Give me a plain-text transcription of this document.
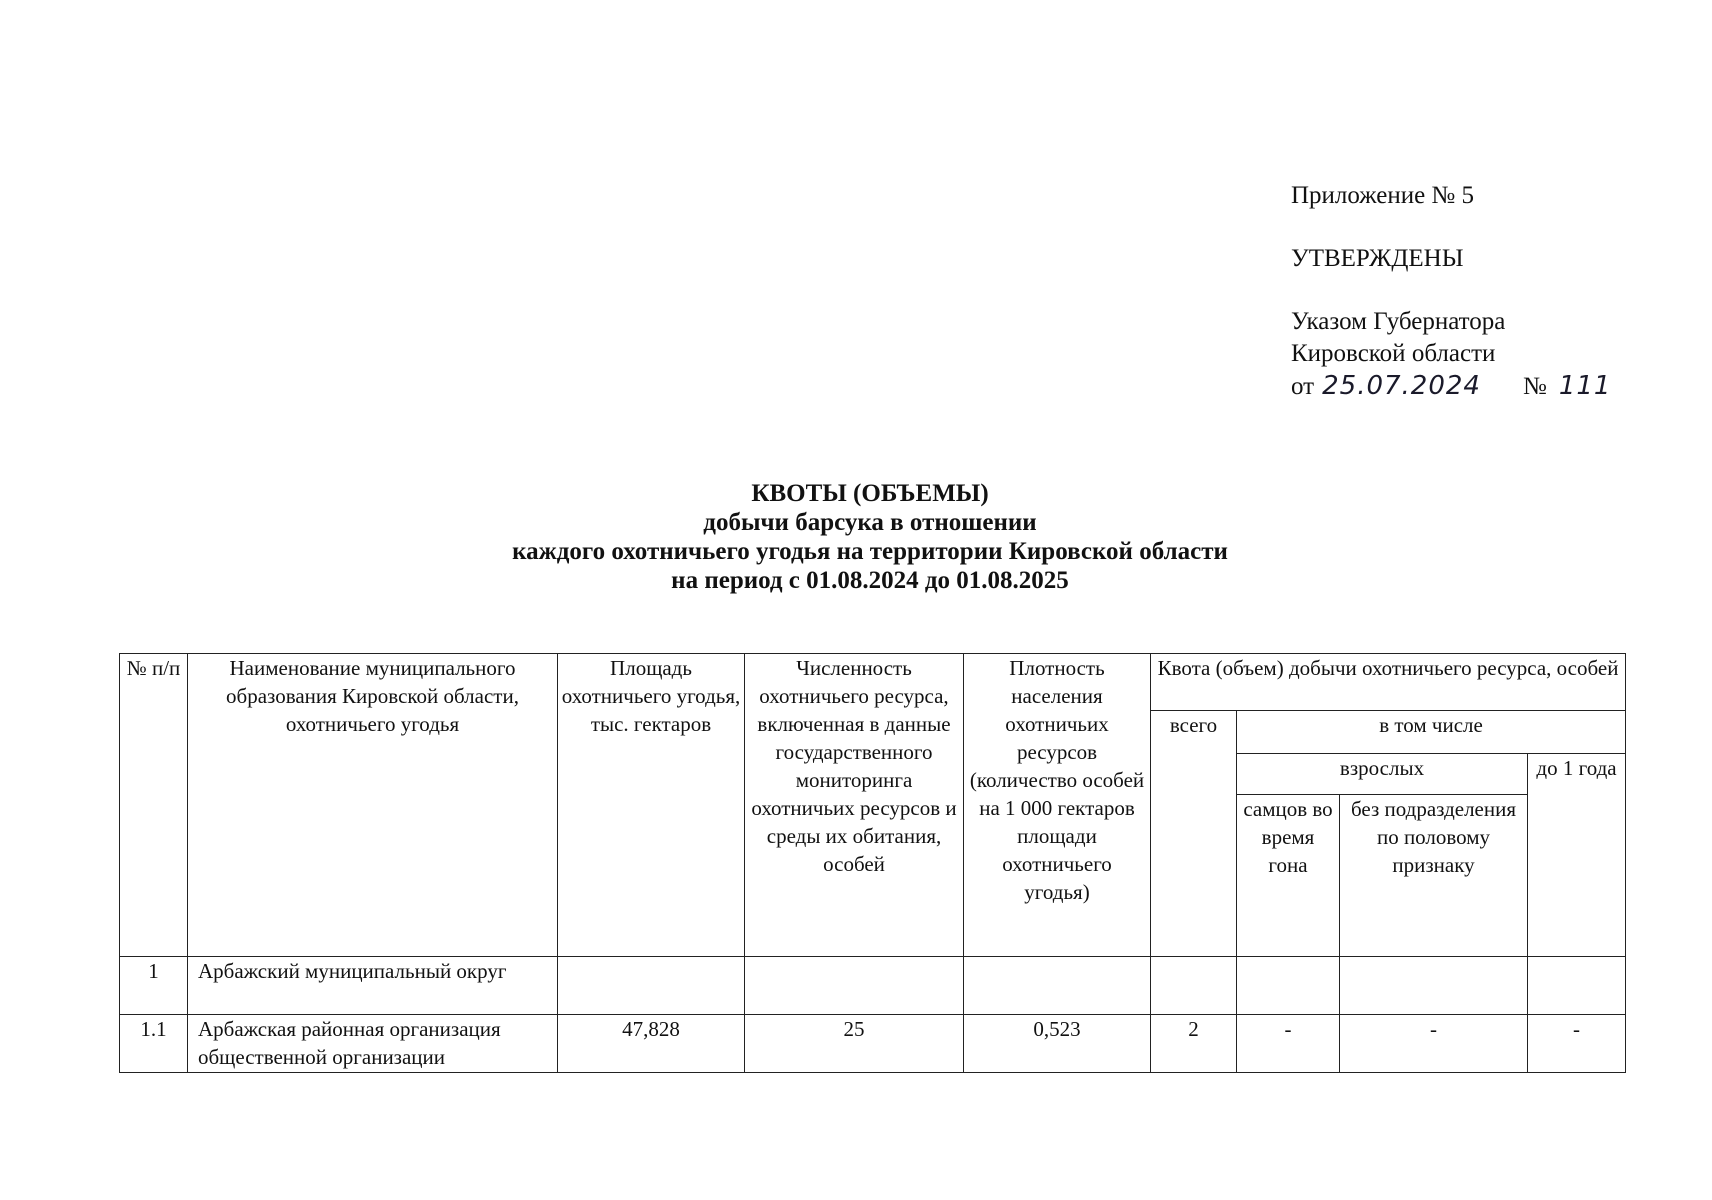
Приложение № 5
УТВЕРЖДЕНЫ
Указом Губернатора
Кировской области
от 25.07.2024 № 111
КВОТЫ (ОБЪЕМЫ)
добычи барсука в отношении
каждого охотничьего угодья на территории Кировской области
на период с 01.08.2024 до 01.08.2025
№ п/п	Наименование муниципального образования Кировской области, охотничьего угодья	Площадь охотничьего угодья, тыс. гектаров	Численность охотничьего ресурса, включенная в данные государственного мониторинга охотничьих ресурсов и среды их обитания, особей	Плотность населения охотничьих ресурсов (количество особей на 1 000 гектаров площади охотничьего угодья)	Квота (объем) добычи охотничьего ресурса, особей			
					всего	в том числе		
						взрослых		до 1 года
						самцов во время гона	без подразделения по половому признаку	

1	Арбажский муниципальный округ							
1.1	Арбажская районная организация общественной организации	47,828	25	0,523	2	-	-	-
